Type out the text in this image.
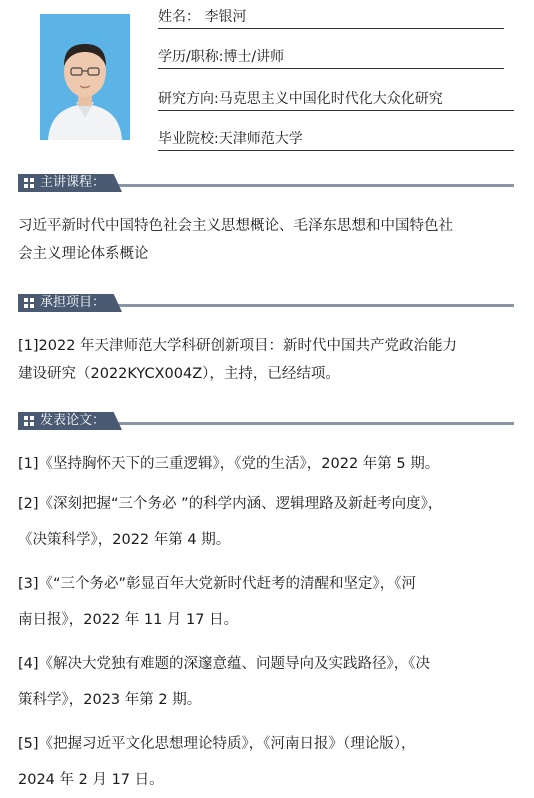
姓名： 李银河
学历/职称:博士/讲师
研究方向:马克思主义中国化时代化大众化研究
毕业院校:天津师范大学
主讲课程：

习近平新时代中国特色社会主义思想概论、毛泽东思想和中国特色社

会主义理论体系概论

承担项目：

[1]2022 年天津师范大学科研创新项目：新时代中国共产党政治能力

建设研究（2022KYCX004Z），主持，已经结项。

发表论文：

[1]《坚持胸怀天下的三重逻辑》，《党的生活》，2022 年第 5 期。

[2]《深刻把握“三个务必 ”的科学内涵、逻辑理路及新赶考向度》，

《决策科学》，2022 年第 4 期。

[3]《“三个务必”彰显百年大党新时代赶考的清醒和坚定》，《河

南日报》，2022 年 11 月 17 日。

[4]《解决大党独有难题的深邃意蕴、问题导向及实践路径》，《决

策科学》，2023 年第 2 期。

[5]《把握习近平文化思想理论特质》，《河南日报》（理论版），

2024 年 2 月 17 日。
